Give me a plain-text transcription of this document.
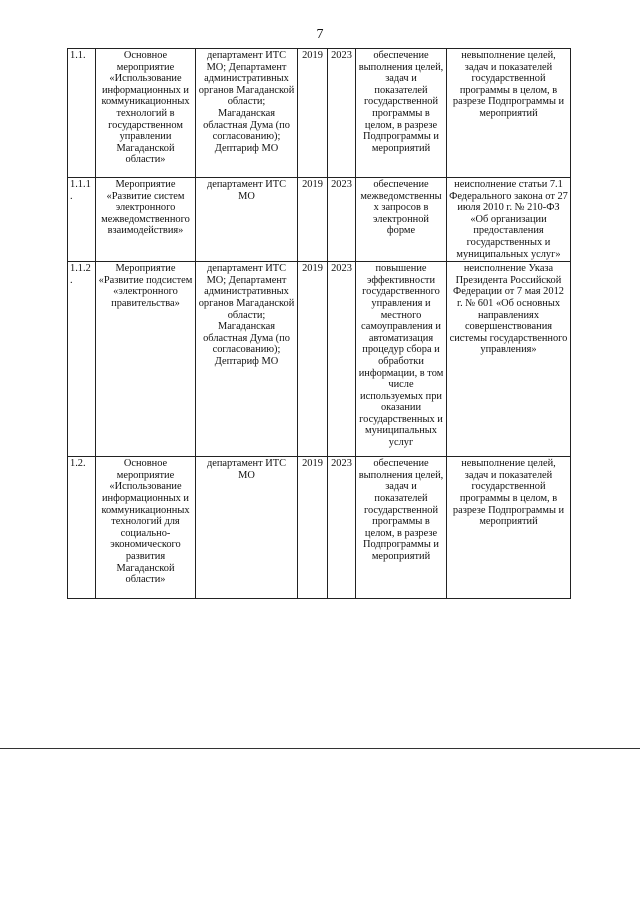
7
1.1.	Основное мероприятие «Использование информационных и коммуникационных технологий в государственном управлении Магаданской области»	департамент ИТС МО; Департамент административных органов Магаданской области; Магаданская областная Дума (по согласованию); Дептариф МО	2019	2023	обеспечение выполнения целей, задач и показателей государственной программы в целом, в разрезе Подпрограммы и мероприятий	невыполнение целей, задач и показателей государственной программы в целом, в разрезе Подпрограммы и мероприятий
1.1.1.	Мероприятие «Развитие систем электронного межведомственного взаимодействия»	департамент ИТС МО	2019	2023	обеспечение межведомственных запросов в электронной форме	неисполнение статьи 7.1 Федерального закона от 27 июля 2010 г. № 210-ФЗ «Об организации предоставления государственных и муниципальных услуг»
1.1.2.	Мероприятие «Развитие подсистем «электронного правительства»	департамент ИТС МО; Департамент административных органов Магаданской области; Магаданская областная Дума (по согласованию); Дептариф МО	2019	2023	повышение эффективности государственного управления и местного самоуправления и автоматизация процедур сбора и обработки информации, в том числе используемых при оказании государственных и муниципальных услуг	неисполнение Указа Президента Российской Федерации от 7 мая 2012 г. № 601 «Об основных направлениях совершенствования системы государственного управления»
1.2.	Основное мероприятие «Использование информационных и коммуникационных технологий для социально-экономического развития Магаданской области»	департамент ИТС МО	2019	2023	обеспечение выполнения целей, задач и показателей государственной программы в целом, в разрезе Подпрограммы и мероприятий	невыполнение целей, задач и показателей государственной программы в целом, в разрезе Подпрограммы и мероприятий
